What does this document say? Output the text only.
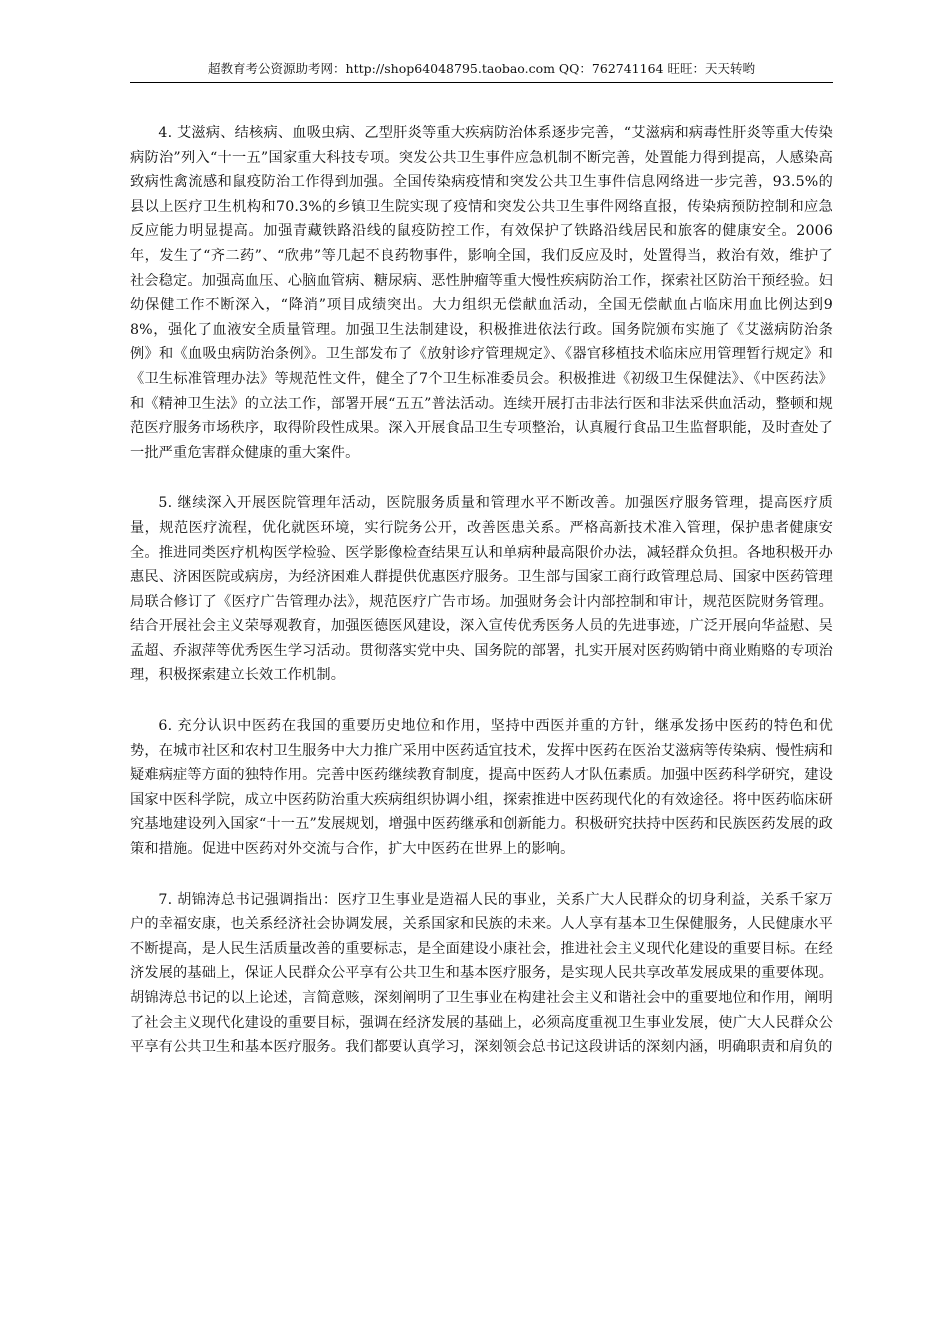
超教育考公资源助考网：http://shop64048795.taobao.com QQ：762741164 旺旺：天天转哟

4. 艾滋病、结核病、血吸虫病、乙型肝炎等重大疾病防治体系逐步完善，“艾滋病和病毒性肝炎等重大传染病防治”列入“十一五”国家重大科技专项。突发公共卫生事件应急机制不断完善，处置能力得到提高，人感染高致病性禽流感和鼠疫防治工作得到加强。全国传染病疫情和突发公共卫生事件信息网络进一步完善，93.5%的县以上医疗卫生机构和70.3%的乡镇卫生院实现了疫情和突发公共卫生事件网络直报，传染病预防控制和应急反应能力明显提高。加强青藏铁路沿线的鼠疫防控工作，有效保护了铁路沿线居民和旅客的健康安全。2006年，发生了“齐二药”、“欣弗”等几起不良药物事件，影响全国，我们反应及时，处置得当，救治有效，维护了社会稳定。加强高血压、心脑血管病、糖尿病、恶性肿瘤等重大慢性疾病防治工作，探索社区防治干预经验。妇幼保健工作不断深入，“降消”项目成绩突出。大力组织无偿献血活动，全国无偿献血占临床用血比例达到98%，强化了血液安全质量管理。加强卫生法制建设，积极推进依法行政。国务院颁布实施了《艾滋病防治条例》和《血吸虫病防治条例》。卫生部发布了《放射诊疗管理规定》、《器官移植技术临床应用管理暂行规定》和《卫生标准管理办法》等规范性文件，健全了7个卫生标准委员会。积极推进《初级卫生保健法》、《中医药法》和《精神卫生法》的立法工作，部署开展“五五”普法活动。连续开展打击非法行医和非法采供血活动，整顿和规范医疗服务市场秩序，取得阶段性成果。深入开展食品卫生专项整治，认真履行食品卫生监督职能，及时查处了一批严重危害群众健康的重大案件。

5. 继续深入开展医院管理年活动，医院服务质量和管理水平不断改善。加强医疗服务管理，提高医疗质量，规范医疗流程，优化就医环境，实行院务公开，改善医患关系。严格高新技术准入管理，保护患者健康安全。推进同类医疗机构医学检验、医学影像检查结果互认和单病种最高限价办法，减轻群众负担。各地积极开办惠民、济困医院或病房，为经济困难人群提供优惠医疗服务。卫生部与国家工商行政管理总局、国家中医药管理局联合修订了《医疗广告管理办法》，规范医疗广告市场。加强财务会计内部控制和审计，规范医院财务管理。结合开展社会主义荣辱观教育，加强医德医风建设，深入宣传优秀医务人员的先进事迹，广泛开展向华益慰、吴孟超、乔淑萍等优秀医生学习活动。贯彻落实党中央、国务院的部署，扎实开展对医药购销中商业贿赂的专项治理，积极探索建立长效工作机制。

6. 充分认识中医药在我国的重要历史地位和作用，坚持中西医并重的方针，继承发扬中医药的特色和优势，在城市社区和农村卫生服务中大力推广采用中医药适宜技术，发挥中医药在医治艾滋病等传染病、慢性病和疑难病症等方面的独特作用。完善中医药继续教育制度，提高中医药人才队伍素质。加强中医药科学研究，建设国家中医科学院，成立中医药防治重大疾病组织协调小组，探索推进中医药现代化的有效途径。将中医药临床研究基地建设列入国家“十一五”发展规划，增强中医药继承和创新能力。积极研究扶持中医药和民族医药发展的政策和措施。促进中医药对外交流与合作，扩大中医药在世界上的影响。

7. 胡锦涛总书记强调指出：医疗卫生事业是造福人民的事业，关系广大人民群众的切身利益，关系千家万户的幸福安康，也关系经济社会协调发展，关系国家和民族的未来。人人享有基本卫生保健服务，人民健康水平不断提高，是人民生活质量改善的重要标志，是全面建设小康社会，推进社会主义现代化建设的重要目标。在经济发展的基础上，保证人民群众公平享有公共卫生和基本医疗服务，是实现人民共享改革发展成果的重要体现。胡锦涛总书记的以上论述，言简意赅，深刻阐明了卫生事业在构建社会主义和谐社会中的重要地位和作用，阐明了社会主义现代化建设的重要目标，强调在经济发展的基础上，必须高度重视卫生事业发展，使广大人民群众公平享有公共卫生和基本医疗服务。我们都要认真学习，深刻领会总书记这段讲话的深刻内涵，明确职责和肩负的
